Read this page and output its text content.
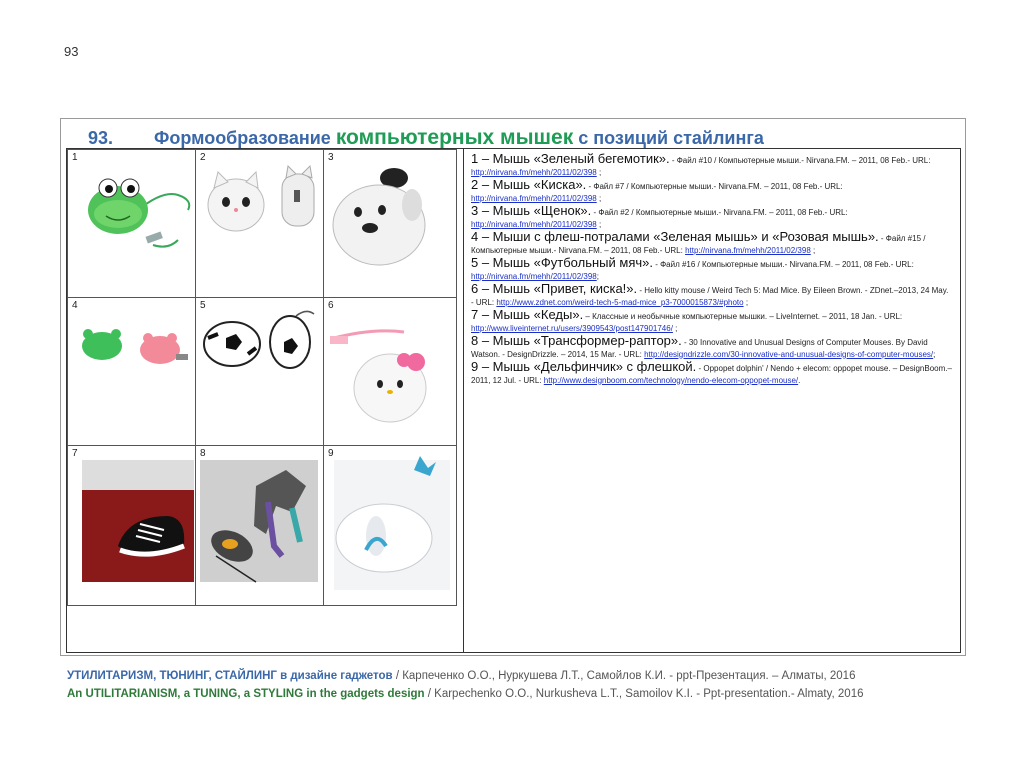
93
93. Формообразование компьютерных мышек с позиций стайлинга
1	2	3
4	5	6
7	8	9
1 – Мышь «Зеленый бегемотик». - Файл #10 / Компьютерные мыши.- Nirvana.FM. – 2011, 08 Feb.- URL: http://nirvana.fm/mehh/2011/02/398 ;
2 – Мышь «Киска». - Файл #7 / Компьютерные мыши.- Nirvana.FM. – 2011, 08 Feb.- URL: http://nirvana.fm/mehh/2011/02/398 ;
3 – Мышь «Щенок». - Файл #2 / Компьютерные мыши.- Nirvana.FM. – 2011, 08 Feb.- URL: http://nirvana.fm/mehh/2011/02/398 ;
4 – Мыши с флеш-потралами «Зеленая мышь» и «Розовая мышь». - Файл #15 / Компьютерные мыши.- Nirvana.FM. – 2011, 08 Feb.- URL: http://nirvana.fm/mehh/2011/02/398 ;
5 – Мышь «Футбольный мяч». - Файл #16 / Компьютерные мыши.- Nirvana.FM. – 2011, 08 Feb.- URL: http://nirvana.fm/mehh/2011/02/398;
6 – Мышь «Привет, киска!». - Hello kitty mouse / Weird Tech 5: Mad Mice. By Eileen Brown. - ZDnet.–2013, 24 May. - URL: http://www.zdnet.com/weird-tech-5-mad-mice_p3-7000015873/#photo ;
7 – Мышь «Кеды». – Классные и необычные компьютерные мышки. – LiveInternet. – 2011, 18 Jan. - URL: http://www.liveinternet.ru/users/3909543/post147901746/ ;
8 – Мышь «Трансформер-раптор». - 30 Innovative and Unusual Designs of Computer Mouses. By David Watson. - DesignDrizzle. – 2014, 15 Mar. - URL: http://designdrizzle.com/30-innovative-and-unusual-designs-of-computer-mouses/;
9 – Мышь «Дельфинчик» с флешкой. - Oppopet dolphin' / Nendo + elecom: oppopet mouse. – DesignBoom.– 2011, 12 Jul. - URL: http://www.designboom.com/technology/nendo-elecom-oppopet-mouse/.
УТИЛИТАРИЗМ, ТЮНИНГ, СТАЙЛИНГ в дизайне гаджетов / Карпеченко О.О., Нуркушева Л.Т., Самойлов К.И. - ppt-Презентация. – Алматы, 2016
An UTILITARIANISM, a TUNING, a STYLING in the gadgets design / Karpechenko O.O., Nurkusheva L.T., Samoilov K.I. - Ppt-presentation.- Almaty, 2016
